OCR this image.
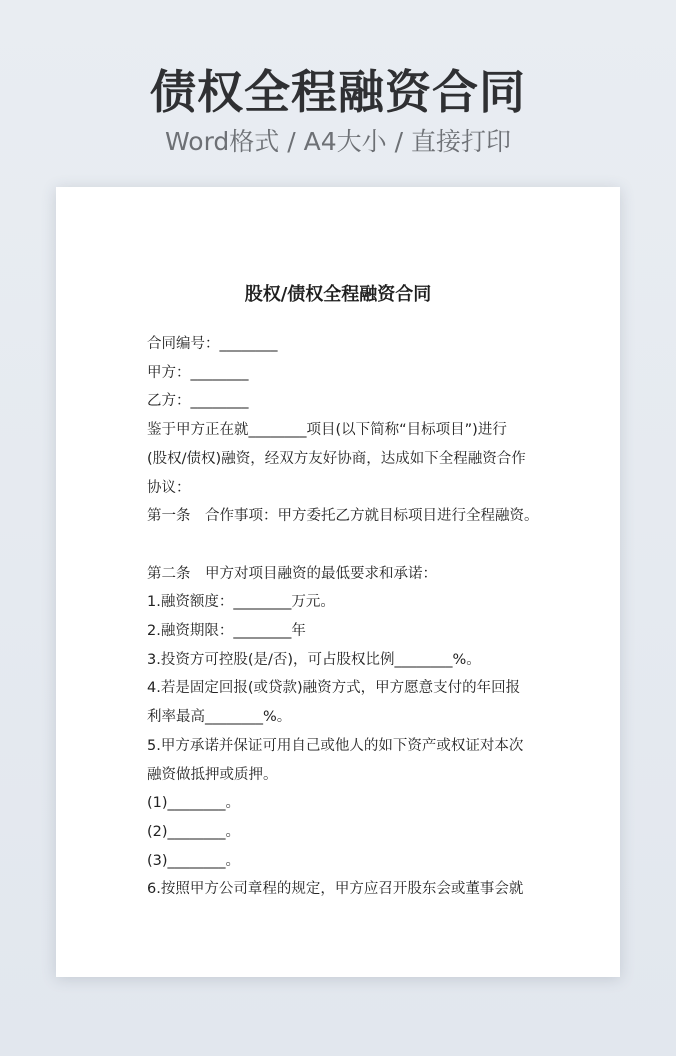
债权全程融资合同
Word格式 / A4大小 / 直接打印
股权/债权全程融资合同
合同编号：________
甲方：________
乙方：________
鉴于甲方正在就________项目(以下简称“目标项目”)进行
(股权/债权)融资，经双方友好协商，达成如下全程融资合作
协议：
第一条　合作事项：甲方委托乙方就目标项目进行全程融资。
第二条　甲方对项目融资的最低要求和承诺：
1.融资额度：________万元。
2.融资期限：________年
3.投资方可控股(是/否)，可占股权比例________%。
4.若是固定回报(或贷款)融资方式，甲方愿意支付的年回报
利率最高________%。
5.甲方承诺并保证可用自己或他人的如下资产或权证对本次
融资做抵押或质押。
(1)________。
(2)________。
(3)________。
6.按照甲方公司章程的规定，甲方应召开股东会或董事会就
